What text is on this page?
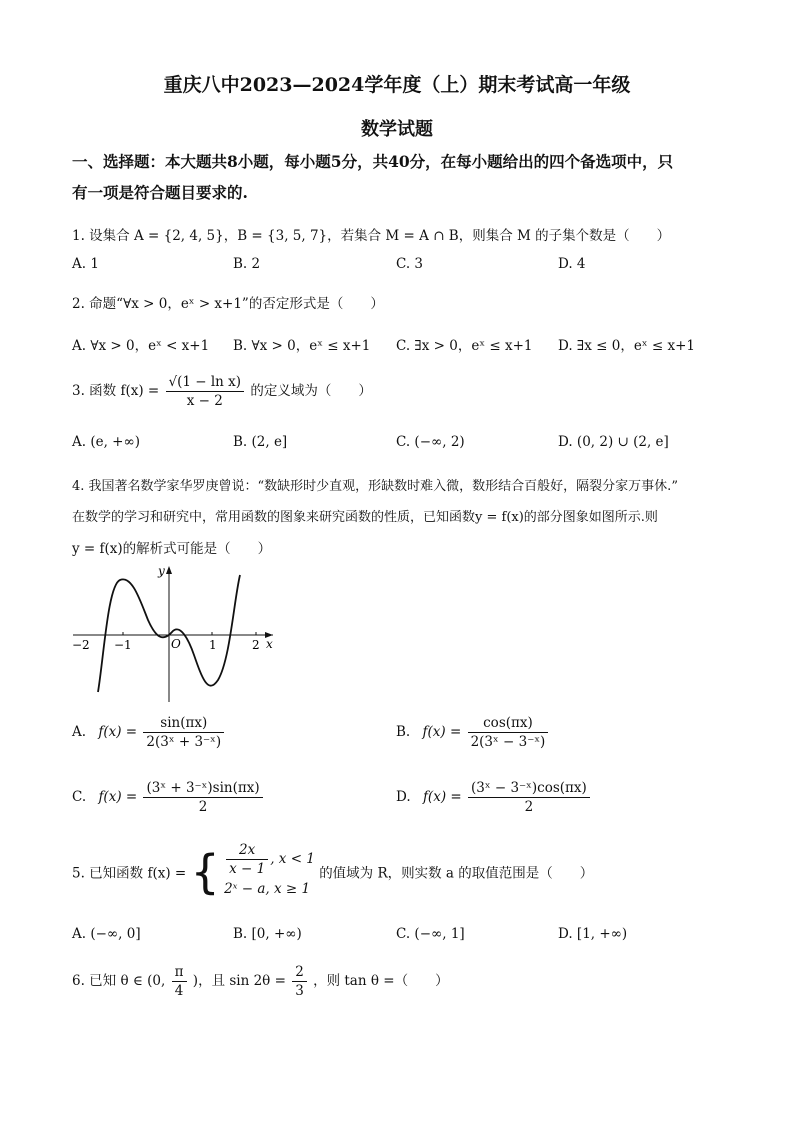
重庆八中2023—2024学年度（上）期末考试高一年级
数学试题
一、选择题：本大题共8小题，每小题5分，共40分，在每小题给出的四个备选项中，只
有一项是符合题目要求的.
1. 设集合 A = {2, 4, 5}，B = {3, 5, 7}，若集合 M = A ∩ B，则集合 M 的子集个数是（　　）
A. 1	B. 2	C. 3	D. 4
2. 命题“∀x > 0，eˣ > x+1”的否定形式是（　　）
A. ∀x > 0，eˣ < x+1 B. ∀x > 0，eˣ ≤ x+1 C. ∃x > 0，eˣ ≤ x+1 D. ∃x ≤ 0，eˣ ≤ x+1
3. 函数 $f(x) = \frac{\text{√(1 − ln x)}}{x - 2}$ 的定义域为（　　）
A. (e, +∞)	B. (2, e]	C. (−∞, 2)	D. (0, 2) ∪ (2, e]
4. 我国著名数学家华罗庚曾说：“数缺形时少直观，形缺数时难入微，数形结合百般好，隔裂分家万事休.”
在数学的学习和研究中，常用函数的图象来研究函数的性质，已知函数y = f(x)的部分图象如图所示.则
y = f(x)的解析式可能是（　　）
−2 −1	1	2
O
y
x
A. $f(x) = \frac{\sin(\pi x)}{\text{2(3ˣ + 3⁻ˣ)}}$	B. $f(x) = \frac{\cos(\pi x)}{\text{2(3ˣ − 3⁻ˣ)}}$
C. $f(x) = \frac{\text{(3ˣ + 3⁻ˣ)sin(πx)}}{2}$	D. $f(x) = \frac{\text{(3ˣ − 3⁻ˣ)cos(πx)}}{2}$
5. 已知函数 f(x) = { $\frac{2x}{x - 1}$ , x < 1
2ˣ − a, x ≥ 1
的值域为 R，则实数 a 的取值范围是（　　）
A. (−∞, 0]	B. [0, +∞)	C. (−∞, 1]	D. [1, +∞)
6. 已知 θ ∈ (0, $\frac{\pi}{4}$ )，且 $\sin 2\theta = \frac{2}{3}$ ，则 tan θ =（　　）
